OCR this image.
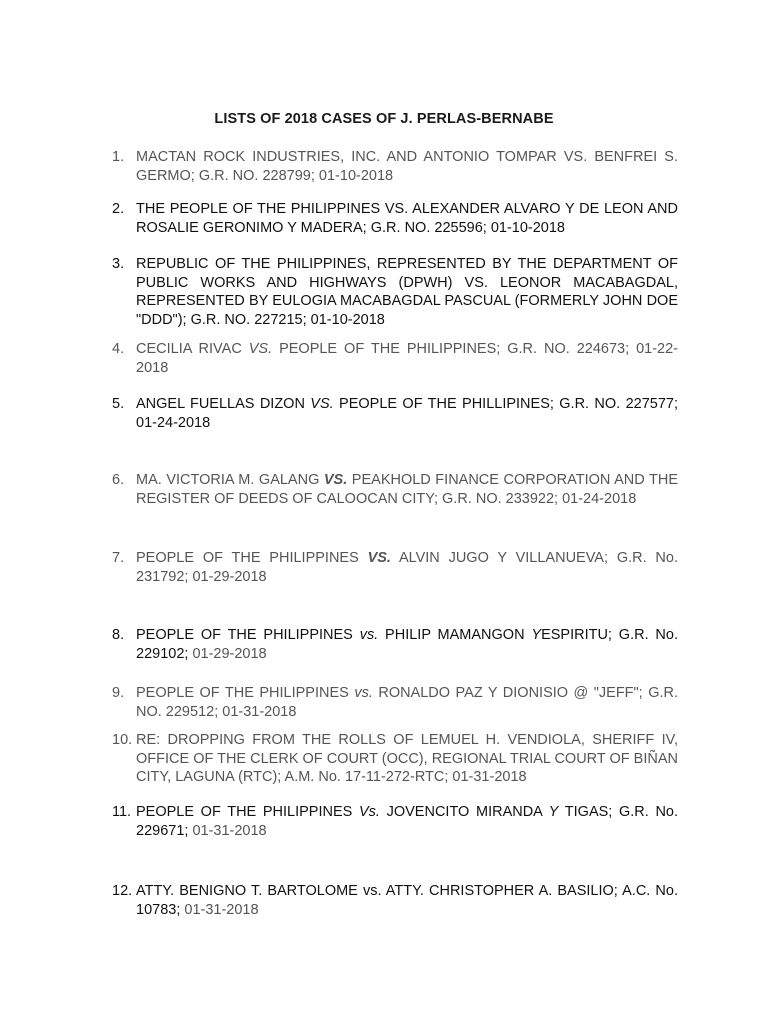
LISTS OF 2018 CASES OF J. PERLAS-BERNABE
1. MACTAN ROCK INDUSTRIES, INC. AND ANTONIO TOMPAR VS. BENFREI S. GERMO; G.R. NO. 228799; 01-10-2018
2. THE PEOPLE OF THE PHILIPPINES VS. ALEXANDER ALVARO Y DE LEON AND ROSALIE GERONIMO Y MADERA; G.R. NO. 225596; 01-10-2018
3. REPUBLIC OF THE PHILIPPINES, REPRESENTED BY THE DEPARTMENT OF PUBLIC WORKS AND HIGHWAYS (DPWH) VS. LEONOR MACABAGDAL, REPRESENTED BY EULOGIA MACABAGDAL PASCUAL (FORMERLY JOHN DOE "DDD"); G.R. NO. 227215; 01-10-2018
4. CECILIA RIVAC VS. PEOPLE OF THE PHILIPPINES; G.R. NO. 224673; 01-22-2018
5. ANGEL FUELLAS DIZON VS. PEOPLE OF THE PHILLIPINES; G.R. NO. 227577; 01-24-2018
6. MA. VICTORIA M. GALANG VS. PEAKHOLD FINANCE CORPORATION AND THE REGISTER OF DEEDS OF CALOOCAN CITY; G.R. NO. 233922; 01-24-2018
7. PEOPLE OF THE PHILIPPINES VS. ALVIN JUGO Y VILLANUEVA; G.R. No. 231792; 01-29-2018
8. PEOPLE OF THE PHILIPPINES vs. PHILIP MAMANGON YESPIRITU; G.R. No. 229102; 01-29-2018
9. PEOPLE OF THE PHILIPPINES vs. RONALDO PAZ Y DIONISIO @ "JEFF"; G.R. NO. 229512; 01-31-2018
10. RE: DROPPING FROM THE ROLLS OF LEMUEL H. VENDIOLA, SHERIFF IV, OFFICE OF THE CLERK OF COURT (OCC), REGIONAL TRIAL COURT OF BIÑAN CITY, LAGUNA (RTC); A.M. No. 17-11-272-RTC; 01-31-2018
11. PEOPLE OF THE PHILIPPINES Vs. JOVENCITO MIRANDA Y TIGAS; G.R. No. 229671; 01-31-2018
12. ATTY. BENIGNO T. BARTOLOME vs. ATTY. CHRISTOPHER A. BASILIO; A.C. No. 10783; 01-31-2018
